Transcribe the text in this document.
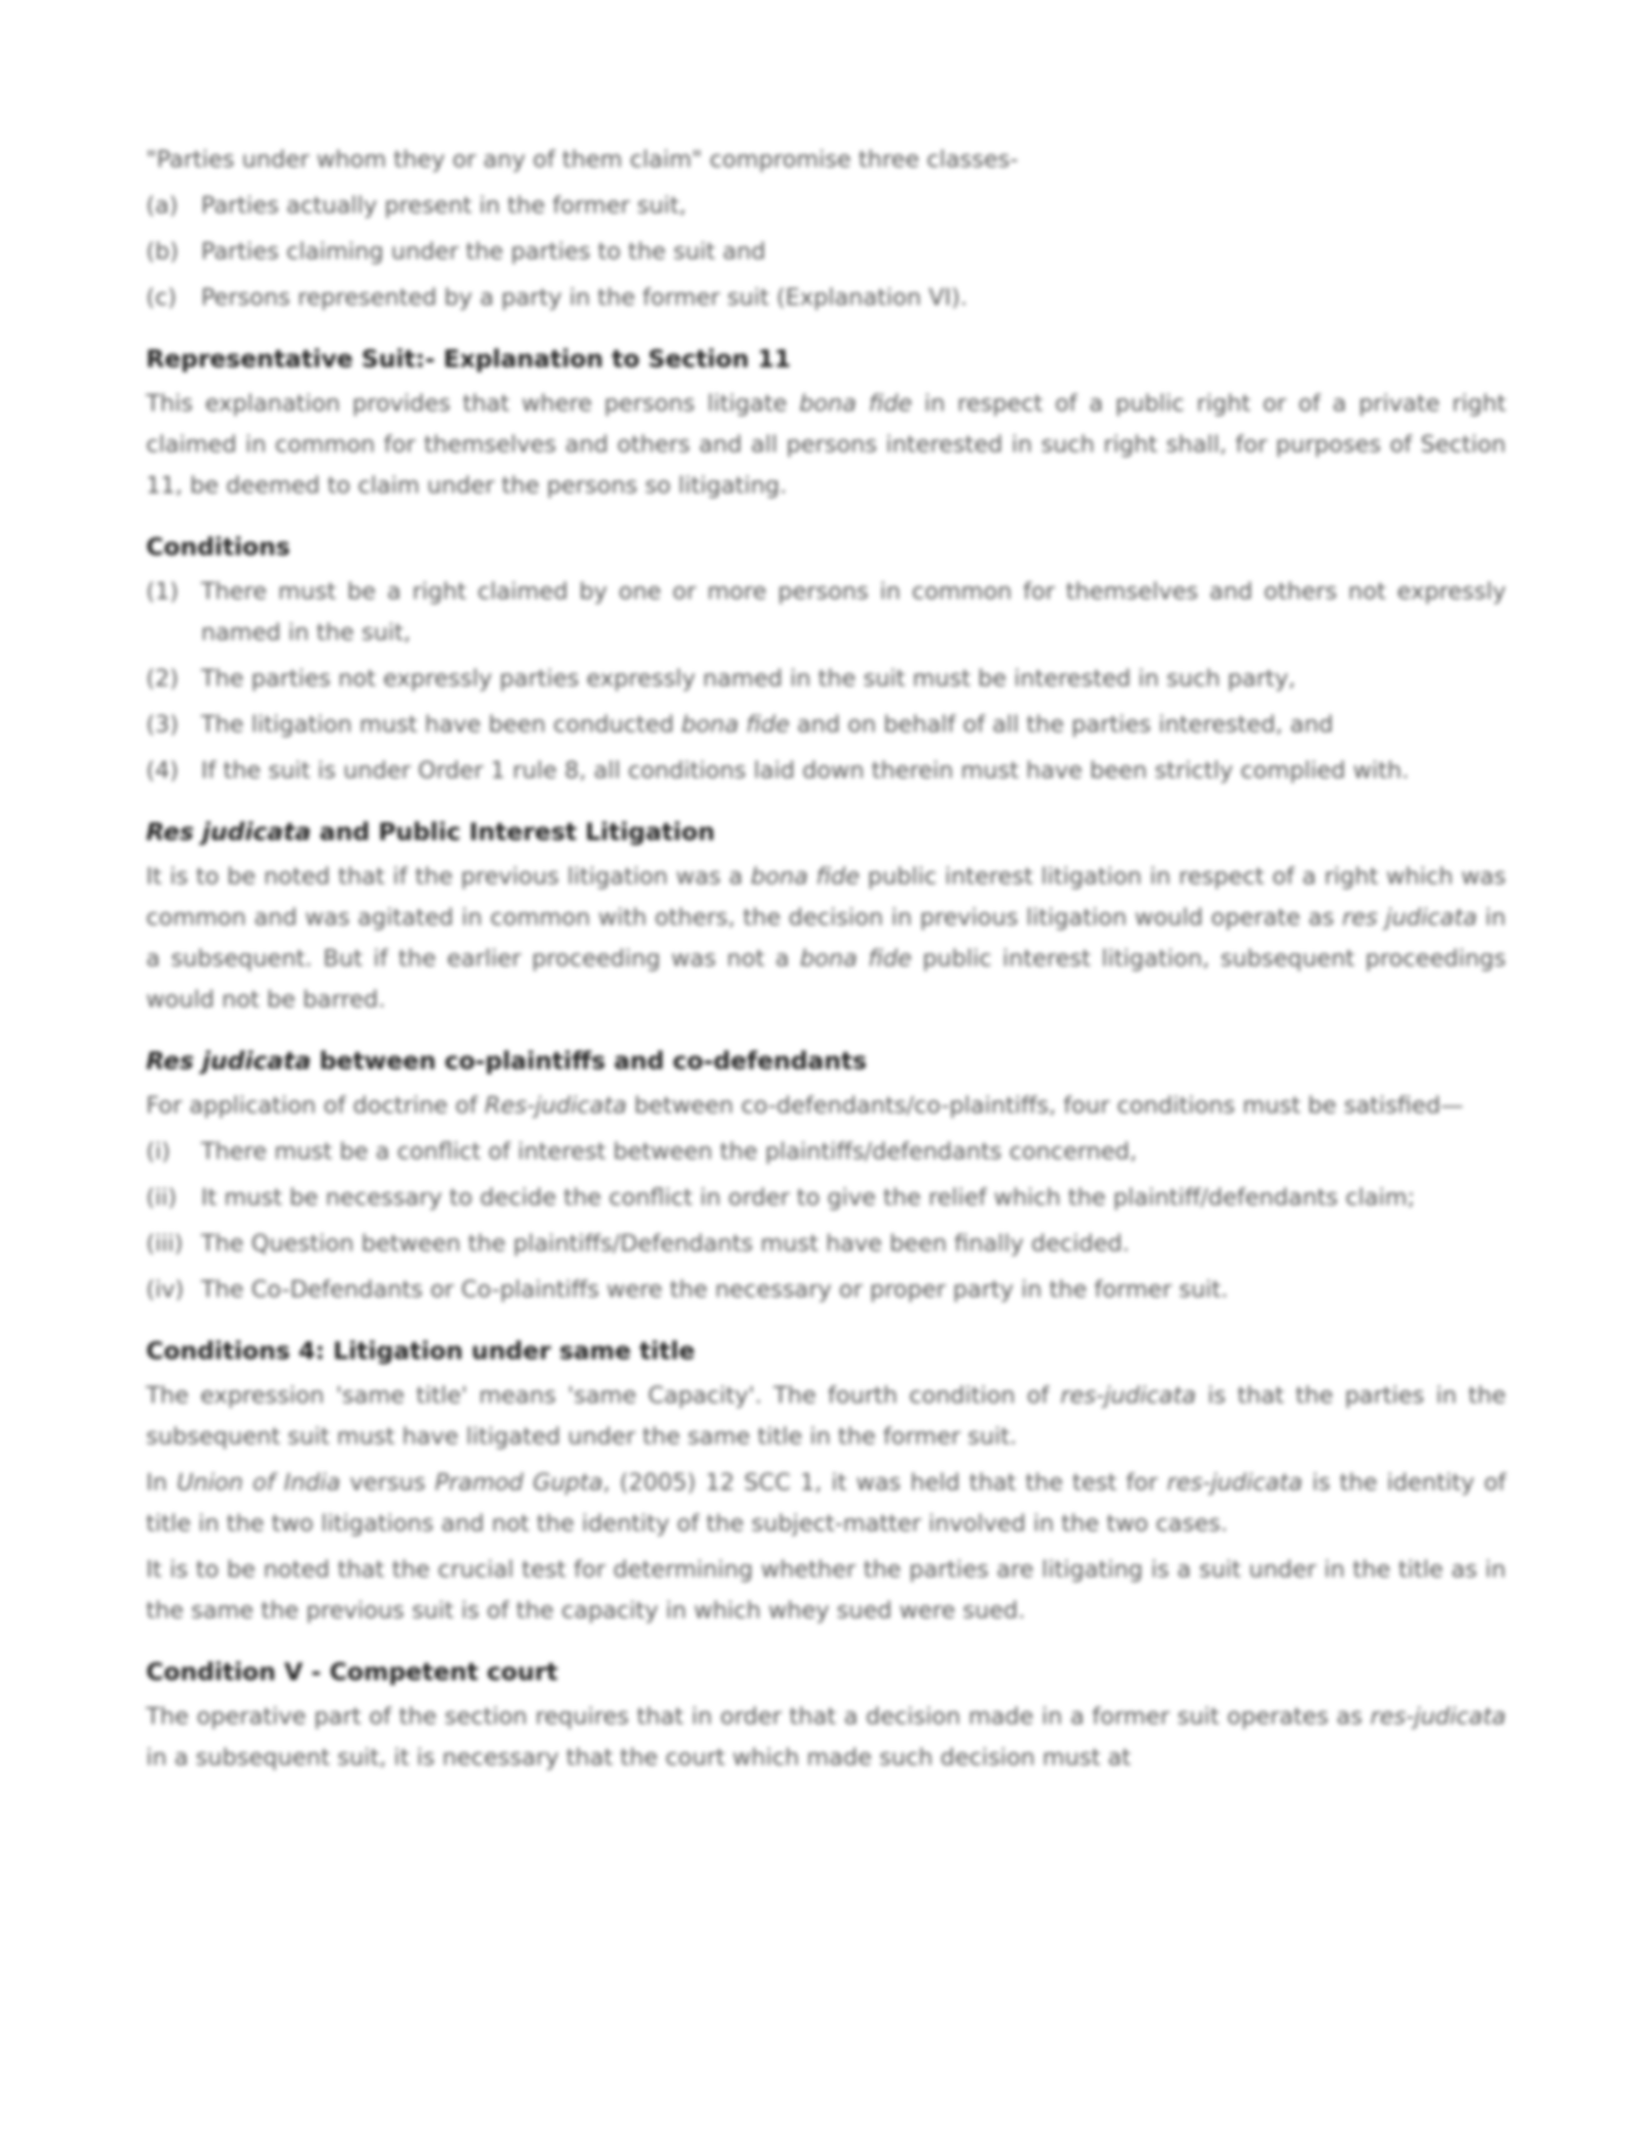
"Parties under whom they or any of them claim" compromise three classes-

(a) Parties actually present in the former suit,
(b) Parties claiming under the parties to the suit and
(c)	Persons represented by a party in the former suit (Explanation VI).
Representative Suit:- Explanation to Section 11

This explanation provides that where persons litigate bona fide in respect of a public right or of a private right claimed in common for themselves and others and all persons interested in such right shall, for purposes of Section 11, be deemed to claim under the persons so litigating.

Conditions
(1) There must be a right claimed by one or more persons in common for themselves and others not expressly named in the suit,
(2) The parties not expressly parties expressly named in the suit must be interested in such party,
(3) The litigation must have been conducted bona fide and on behalf of all the parties interested, and
(4) If the suit is under Order 1 rule 8, all conditions laid down therein must have been strictly complied with.
Res judicata and Public Interest Litigation

It is to be noted that if the previous litigation was a bona fide public interest litigation in respect of a right which was common and was agitated in common with others, the decision in previous litigation would operate as res judicata in a subsequent. But if the earlier proceeding was not a bona fide public interest litigation, subsequent proceedings would not be barred.

Res judicata between co-plaintiffs and co-defendants

For application of doctrine of Res-judicata between co-defendants/co-plaintiffs, four conditions must be satisfied—

(i)	There must be a conflict of interest between the plaintiffs/defendants concerned,
(ii)	It must be necessary to decide the conflict in order to give the relief which the plaintiff/defendants claim;
(iii) The Question between the plaintiffs/Defendants must have been finally decided.
(iv) The Co-Defendants or Co-plaintiffs were the necessary or proper party in the former suit.
Conditions 4: Litigation under same title

The expression 'same title' means 'same Capacity'. The fourth condition of res-judicata is that the parties in the subsequent suit must have litigated under the same title in the former suit.

In Union of India versus Pramod Gupta, (2005) 12 SCC 1, it was held that the test for res-judicata is the identity of title in the two litigations and not the identity of the subject-matter involved in the two cases.

It is to be noted that the crucial test for determining whether the parties are litigating is a suit under in the title as in the same the previous suit is of the capacity in which whey sued were sued.

Condition V - Competent court

The operative part of the section requires that in order that a decision made in a former suit operates as res-judicata in a subsequent suit, it is necessary that the court which made such decision must at
